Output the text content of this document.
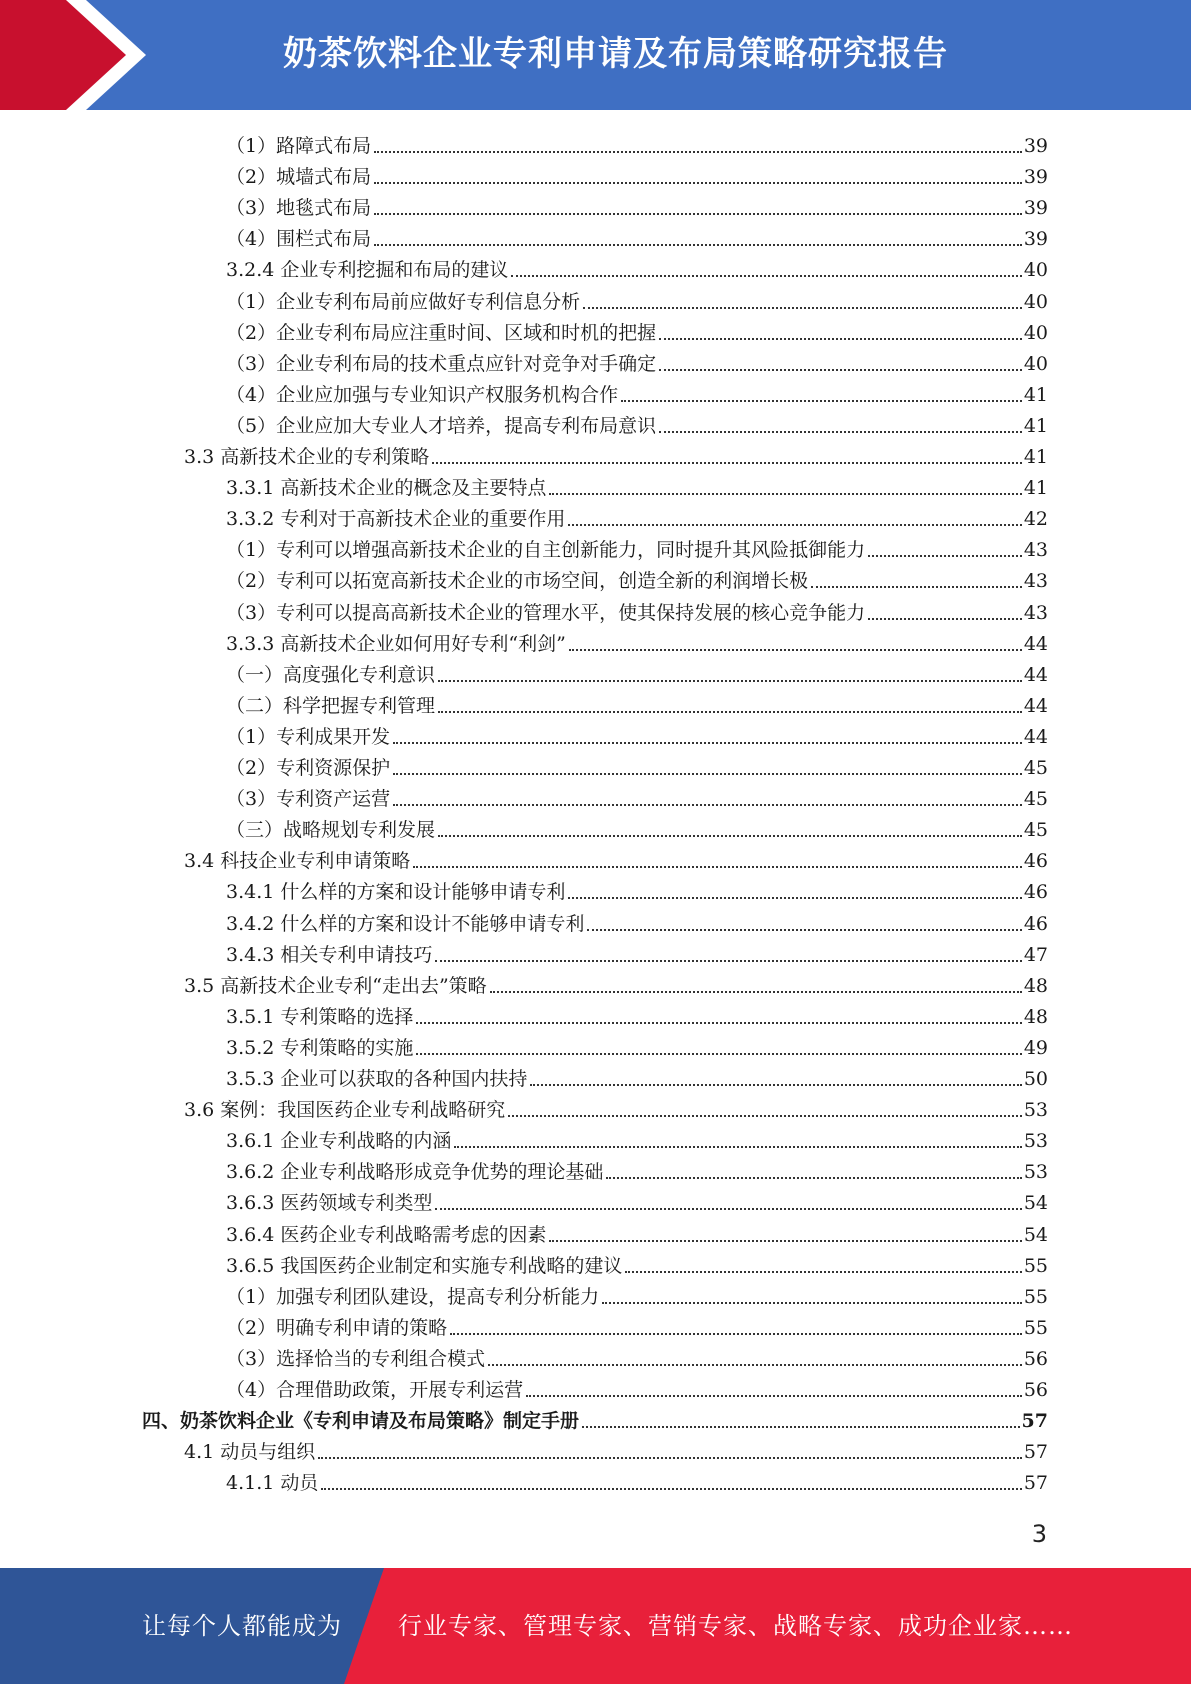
奶茶饮料企业专利申请及布局策略研究报告
（1）路障式布局	39
（2）城墙式布局	39
（3）地毯式布局	39
（4）围栏式布局	39
3.2.4 企业专利挖掘和布局的建议	40
（1）企业专利布局前应做好专利信息分析	40
（2）企业专利布局应注重时间、区域和时机的把握	40
（3）企业专利布局的技术重点应针对竞争对手确定	40
（4）企业应加强与专业知识产权服务机构合作	41
（5）企业应加大专业人才培养，提高专利布局意识	41
3.3 高新技术企业的专利策略	41
3.3.1 高新技术企业的概念及主要特点	41
3.3.2 专利对于高新技术企业的重要作用	42
（1）专利可以增强高新技术企业的自主创新能力，同时提升其风险抵御能力	43
（2）专利可以拓宽高新技术企业的市场空间，创造全新的利润增长极	43
（3）专利可以提高高新技术企业的管理水平，使其保持发展的核心竞争能力	43
3.3.3 高新技术企业如何用好专利“利剑”	44
（一）高度强化专利意识	44
（二）科学把握专利管理	44
（1）专利成果开发	44
（2）专利资源保护	45
（3）专利资产运营	45
（三）战略规划专利发展	45
3.4 科技企业专利申请策略	46
3.4.1 什么样的方案和设计能够申请专利	46
3.4.2 什么样的方案和设计不能够申请专利	46
3.4.3 相关专利申请技巧	47
3.5 高新技术企业专利“走出去”策略	48
3.5.1 专利策略的选择	48
3.5.2 专利策略的实施	49
3.5.3 企业可以获取的各种国内扶持	50
3.6 案例：我国医药企业专利战略研究	53
3.6.1 企业专利战略的内涵	53
3.6.2 企业专利战略形成竞争优势的理论基础	53
3.6.3 医药领域专利类型	54
3.6.4 医药企业专利战略需考虑的因素	54
3.6.5 我国医药企业制定和实施专利战略的建议	55
（1）加强专利团队建设，提高专利分析能力	55
（2）明确专利申请的策略	55
（3）选择恰当的专利组合模式	56
（4）合理借助政策，开展专利运营	56
四、奶茶饮料企业《专利申请及布局策略》制定手册	57
4.1 动员与组织	57
4.1.1 动员	57
3
让每个人都能成为 行业专家、管理专家、营销专家、战略专家、成功企业家……
